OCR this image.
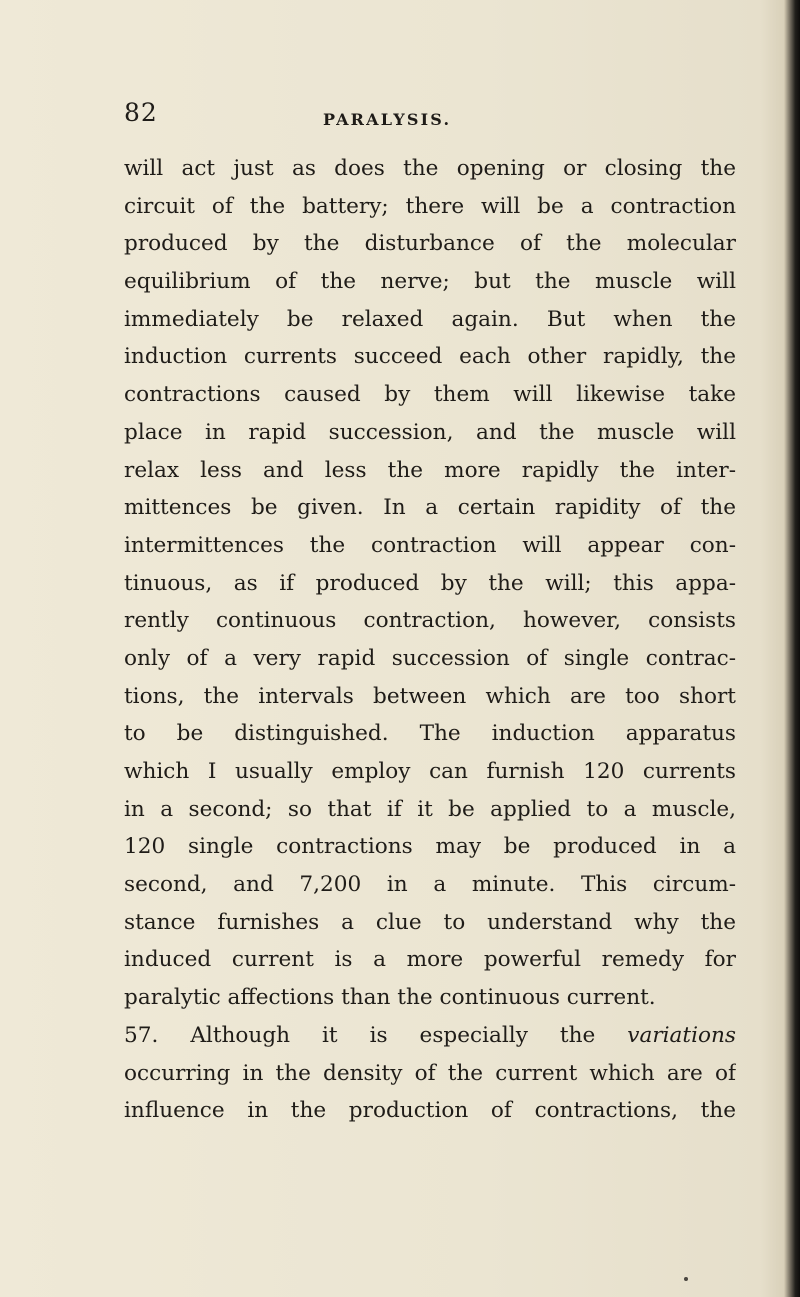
82	PARALYSIS.
will act just as does the opening or closing the
circuit of the battery; there will be a contraction
produced by the disturbance of the molecular
equilibrium of the nerve; but the muscle will
immediately be relaxed again. But when the
induction currents succeed each other rapidly, the
contractions caused by them will likewise take
place in rapid succession, and the muscle will
relax less and less the more rapidly the inter-
mittences be given. In a certain rapidity of the
intermittences the contraction will appear con-
tinuous, as if produced by the will; this appa-
rently continuous contraction, however, consists
only of a very rapid succession of single contrac-
tions, the intervals between which are too short
to be distinguished. The induction apparatus
which I usually employ can furnish 120 currents
in a second; so that if it be applied to a muscle,
120 single contractions may be produced in a
second, and 7,200 in a minute. This circum-
stance furnishes a clue to understand why the
induced current is a more powerful remedy for
paralytic affections than the continuous current.
57. Although it is especially the variations
occurring in the density of the current which are of
influence in the production of contractions, the
